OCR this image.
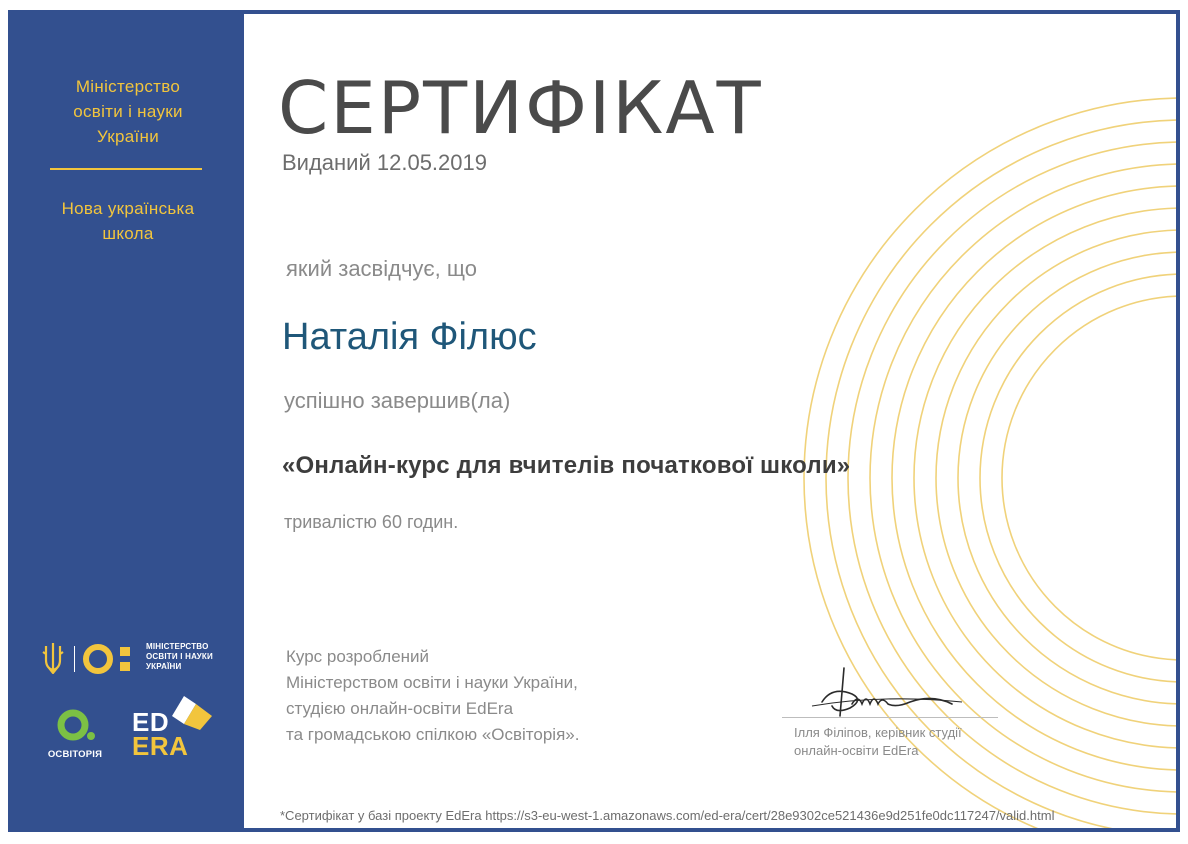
Міністерство
освіти і науки
України
Нова українська
школа
МІНІСТЕРСТВО
ОСВІТИ І НАУКИ
УКРАЇНИ
ОСВІТОРІЯ
ED
ERA
СЕРТИФІКАТ
Виданий 12.05.2019
який засвідчує, що
Наталія Філюс
успішно завершив(ла)
«Онлайн-курс для вчителів початкової школи»
тривалістю 60 годин.
Курс розроблений
Міністерством освіти і науки України,
студією онлайн-освіти EdEra
та громадською спілкою «Освіторія».	Ілля Філіпов, керівник студії
онлайн-освіти EdEra
*Сертифікат у базі проекту EdEra https://s3-eu-west-1.amazonaws.com/ed-era/cert/28e9302ce521436e9d251fe0dc117247/valid.html
